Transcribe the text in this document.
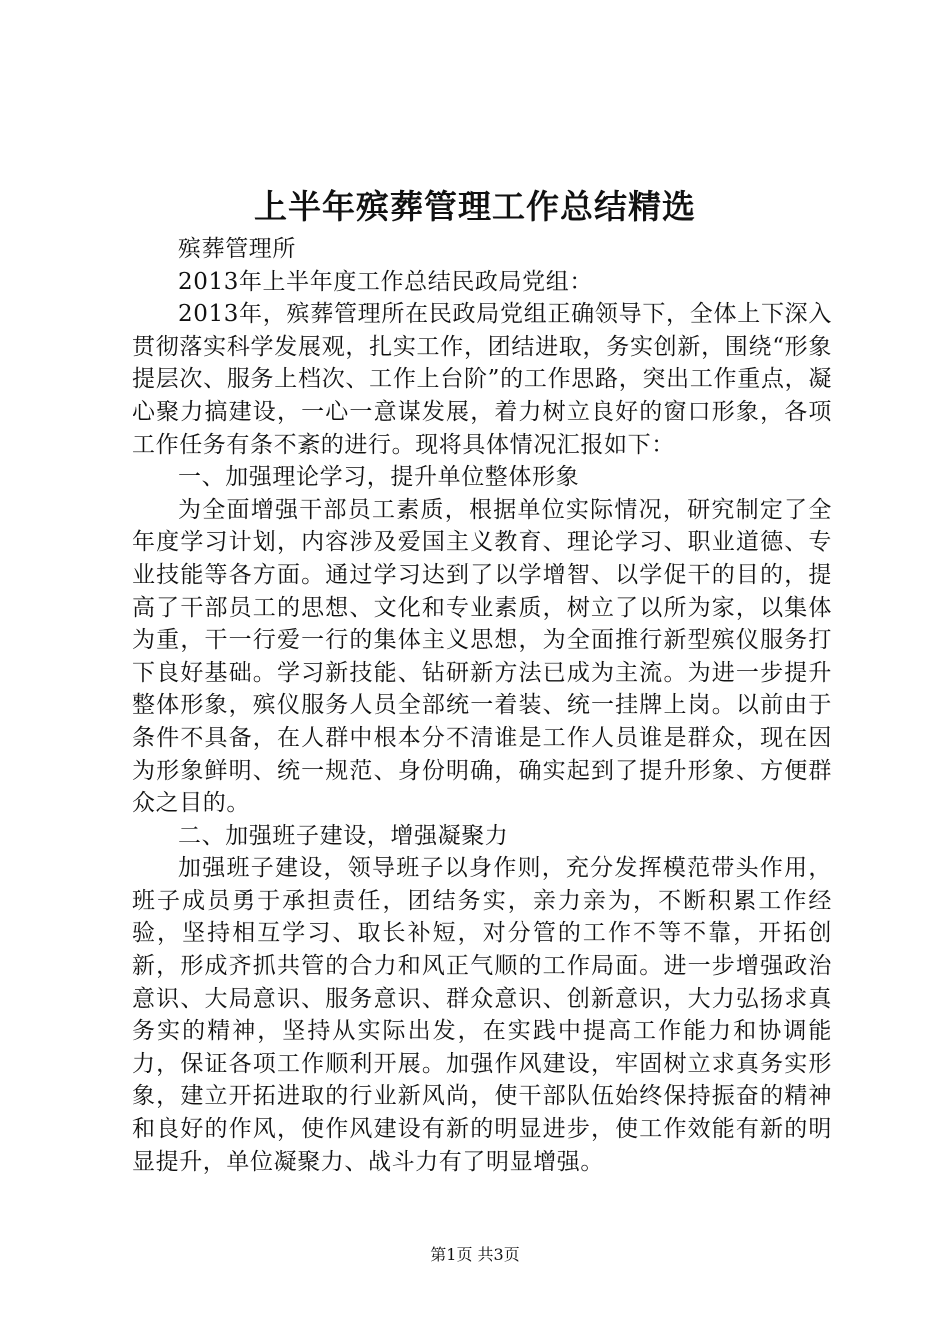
上半年殡葬管理工作总结精选

殡葬管理所

2013年上半年度工作总结民政局党组：

2013年，殡葬管理所在民政局党组正确领导下，全体上下深入贯彻落实科学发展观，扎实工作，团结进取，务实创新，围绕“形象提层次、服务上档次、工作上台阶”的工作思路，突出工作重点，凝心聚力搞建设，一心一意谋发展，着力树立良好的窗口形象，各项工作任务有条不紊的进行。现将具体情况汇报如下：

一、加强理论学习，提升单位整体形象

为全面增强干部员工素质，根据单位实际情况，研究制定了全年度学习计划，内容涉及爱国主义教育、理论学习、职业道德、专业技能等各方面。通过学习达到了以学增智、以学促干的目的，提高了干部员工的思想、文化和专业素质，树立了以所为家，以集体为重，干一行爱一行的集体主义思想，为全面推行新型殡仪服务打下良好基础。学习新技能、钻研新方法已成为主流。为进一步提升整体形象，殡仪服务人员全部统一着装、统一挂牌上岗。以前由于条件不具备，在人群中根本分不清谁是工作人员谁是群众，现在因为形象鲜明、统一规范、身份明确，确实起到了提升形象、方便群众之目的。

二、加强班子建设，增强凝聚力

加强班子建设，领导班子以身作则，充分发挥模范带头作用，班子成员勇于承担责任，团结务实，亲力亲为，不断积累工作经验，坚持相互学习、取长补短，对分管的工作不等不靠，开拓创新，形成齐抓共管的合力和风正气顺的工作局面。进一步增强政治意识、大局意识、服务意识、群众意识、创新意识，大力弘扬求真务实的精神，坚持从实际出发，在实践中提高工作能力和协调能力，保证各项工作顺利开展。加强作风建设，牢固树立求真务实形象，建立开拓进取的行业新风尚，使干部队伍始终保持振奋的精神和良好的作风，使作风建设有新的明显进步，使工作效能有新的明显提升，单位凝聚力、战斗力有了明显增强。

第1页 共3页
